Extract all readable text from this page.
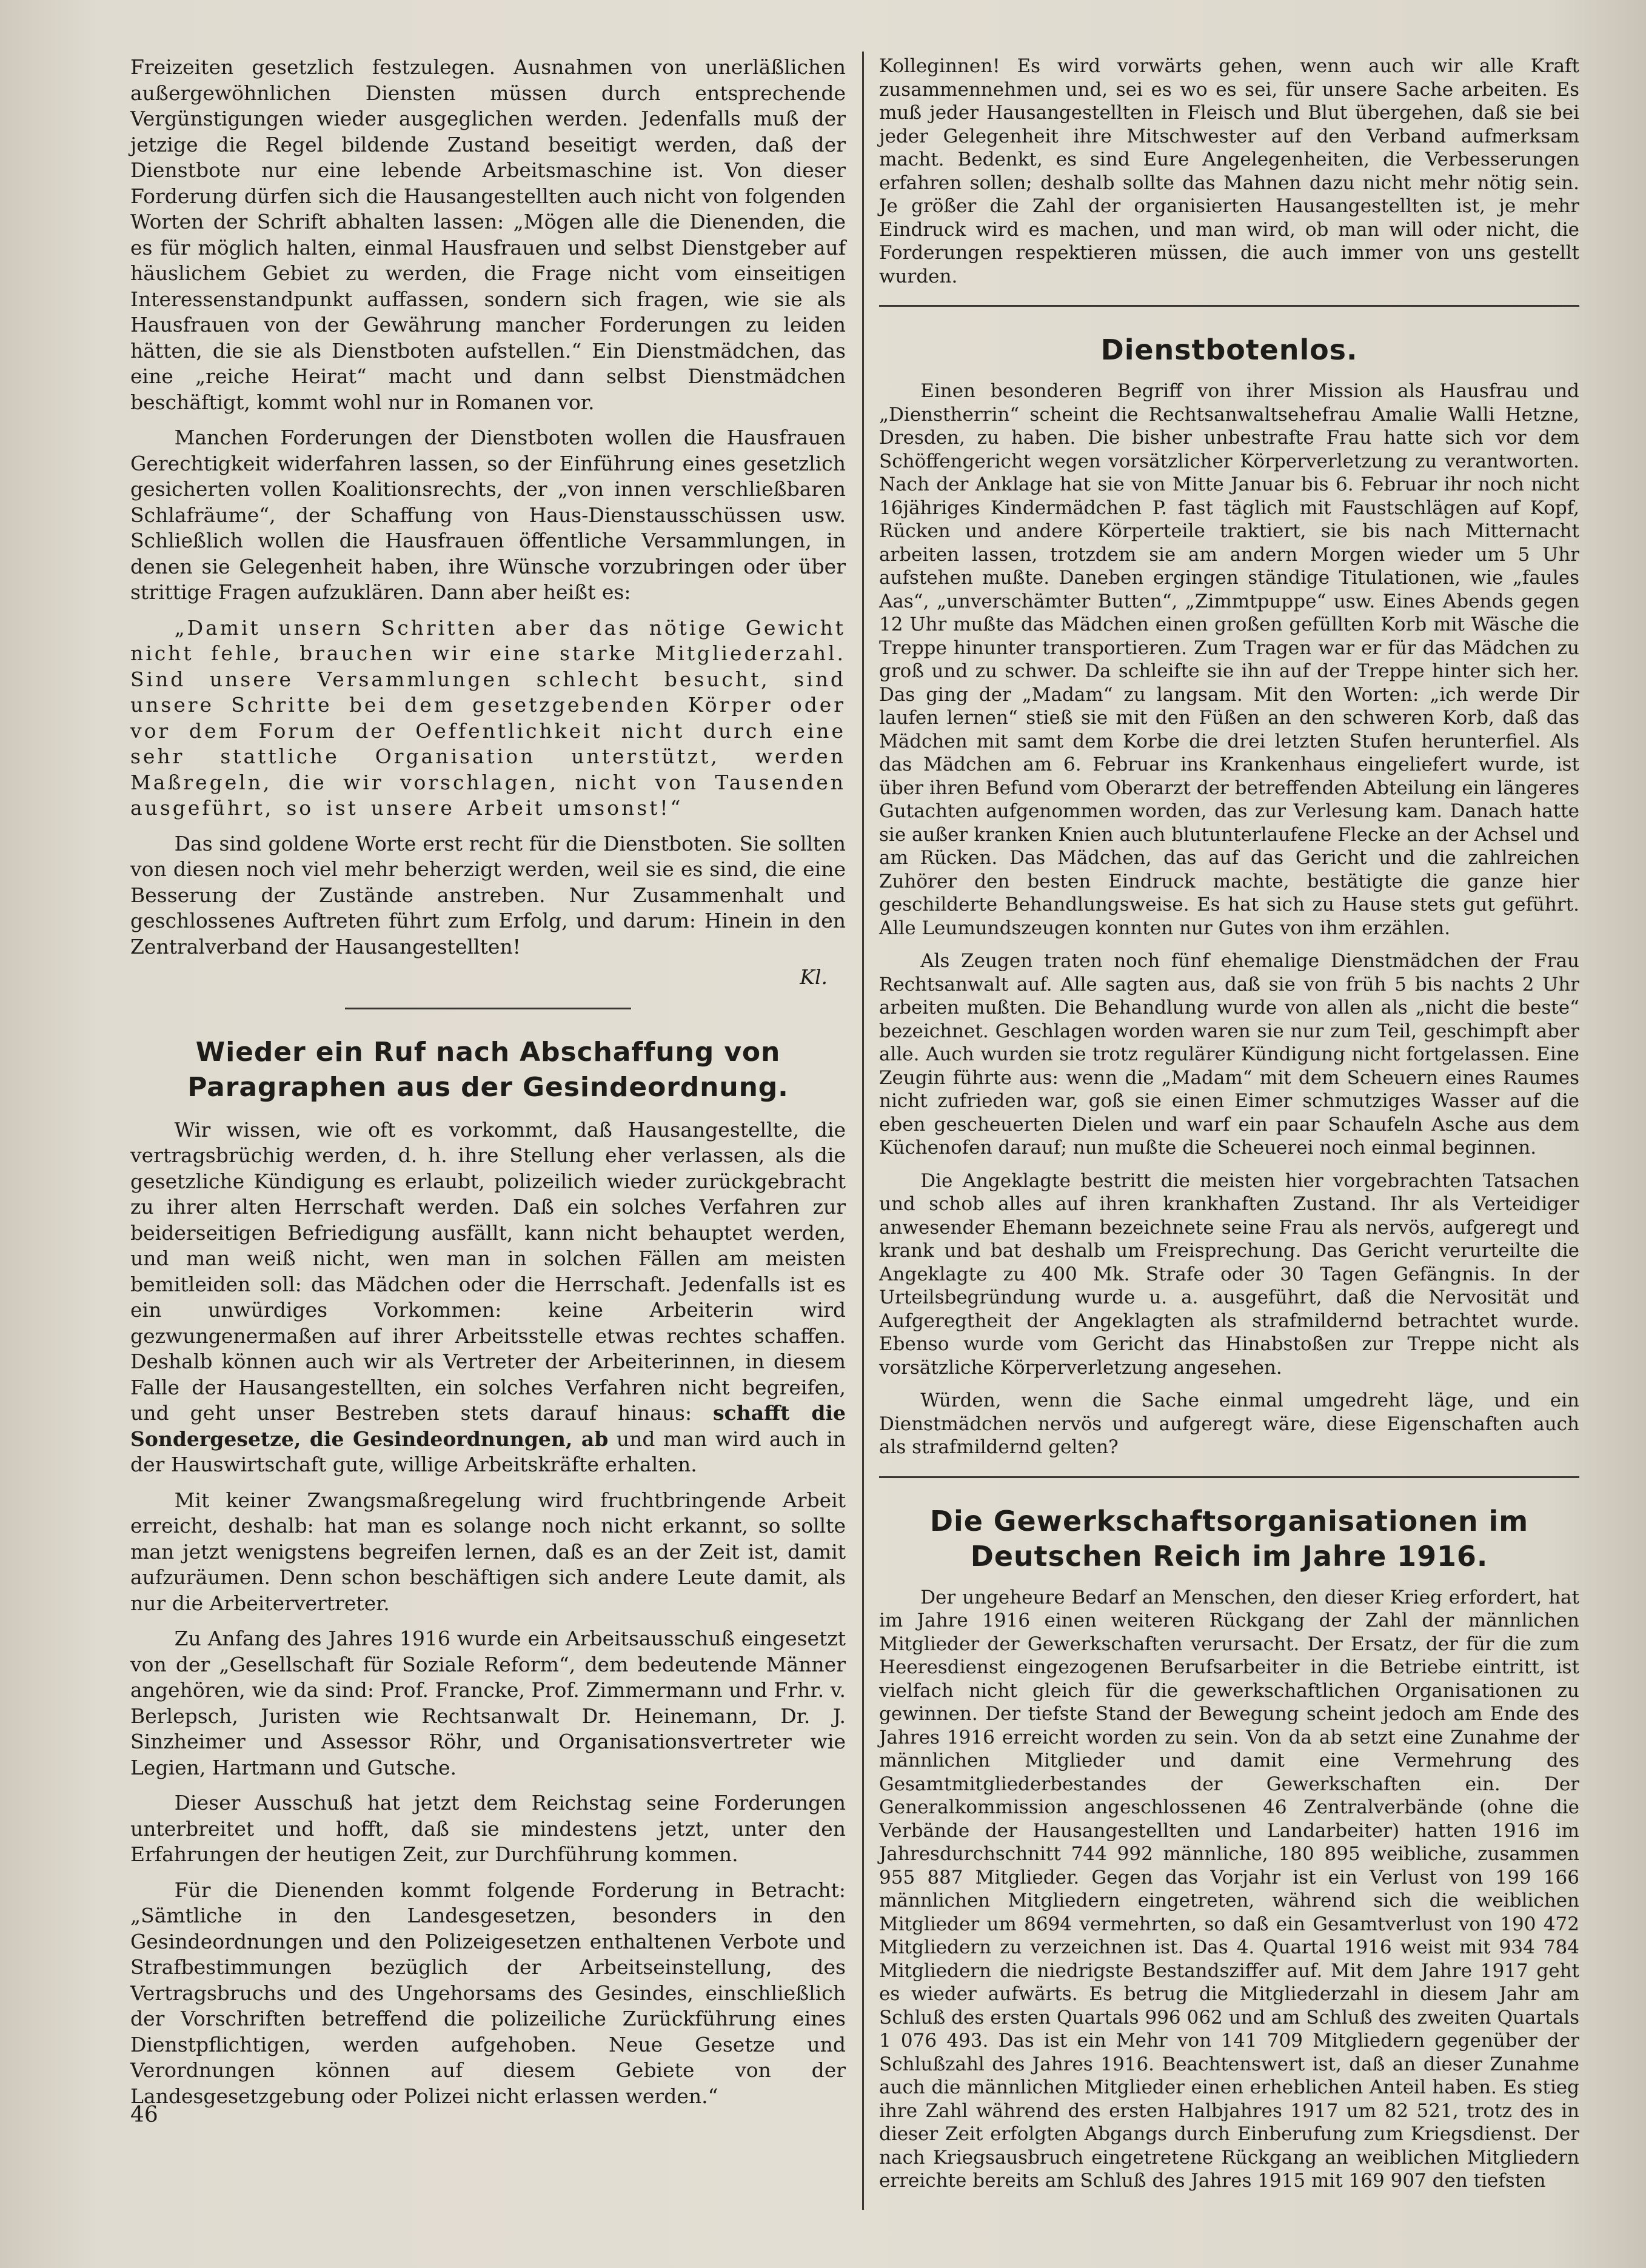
Freizeiten gesetzlich festzulegen. Ausnahmen von unerläßlichen außergewöhnlichen Diensten müssen durch entsprechende Vergünstigungen wieder ausgeglichen werden. Jedenfalls muß der jetzige die Regel bildende Zustand beseitigt werden, daß der Dienstbote nur eine lebende Arbeitsmaschine ist. Von dieser Forderung dürfen sich die Hausangestellten auch nicht von folgenden Worten der Schrift abhalten lassen: „Mögen alle die Dienenden, die es für möglich halten, einmal Hausfrauen und selbst Dienstgeber auf häuslichem Gebiet zu werden, die Frage nicht vom einseitigen Interessenstandpunkt auffassen, sondern sich fragen, wie sie als Hausfrauen von der Gewährung mancher Forderungen zu leiden hätten, die sie als Dienstboten aufstellen.“ Ein Dienstmädchen, das eine „reiche Heirat“ macht und dann selbst Dienstmädchen beschäftigt, kommt wohl nur in Romanen vor.

Manchen Forderungen der Dienstboten wollen die Hausfrauen Gerechtigkeit widerfahren lassen, so der Einführung eines gesetzlich gesicherten vollen Koalitionsrechts, der „von innen verschließbaren Schlafräume“, der Schaffung von Haus-Dienstausschüssen usw. Schließlich wollen die Hausfrauen öffentliche Versammlungen, in denen sie Gelegenheit haben, ihre Wünsche vorzubringen oder über strittige Fragen aufzuklären. Dann aber heißt es:

„Damit unsern Schritten aber das nötige Gewicht nicht fehle, brauchen wir eine starke Mitgliederzahl. Sind unsere Versammlungen schlecht besucht, sind unsere Schritte bei dem gesetzgebenden Körper oder vor dem Forum der Oeffentlichkeit nicht durch eine sehr stattliche Organisation unterstützt, werden Maßregeln, die wir vorschlagen, nicht von Tausenden ausgeführt, so ist unsere Arbeit umsonst!“

Das sind goldene Worte erst recht für die Dienstboten. Sie sollten von diesen noch viel mehr beherzigt werden, weil sie es sind, die eine Besserung der Zustände anstreben. Nur Zusammenhalt und geschlossenes Auftreten führt zum Erfolg, und darum: Hinein in den Zentralverband der Hausangestellten!

Kl.
Wieder ein Ruf nach Abschaffung von Paragraphen aus der Gesindeordnung.

Wir wissen, wie oft es vorkommt, daß Hausangestellte, die vertragsbrüchig werden, d. h. ihre Stellung eher verlassen, als die gesetzliche Kündigung es erlaubt, polizeilich wieder zurückgebracht zu ihrer alten Herrschaft werden. Daß ein solches Verfahren zur beiderseitigen Befriedigung ausfällt, kann nicht behauptet werden, und man weiß nicht, wen man in solchen Fällen am meisten bemitleiden soll: das Mädchen oder die Herrschaft. Jedenfalls ist es ein unwürdiges Vorkommen: keine Arbeiterin wird gezwungenermaßen auf ihrer Arbeitsstelle etwas rechtes schaffen. Deshalb können auch wir als Vertreter der Arbeiterinnen, in diesem Falle der Hausangestellten, ein solches Verfahren nicht begreifen, und geht unser Bestreben stets darauf hinaus: schafft die Sondergesetze, die Gesindeordnungen, ab und man wird auch in der Hauswirtschaft gute, willige Arbeitskräfte erhalten.

Mit keiner Zwangsmaßregelung wird fruchtbringende Arbeit erreicht, deshalb: hat man es solange noch nicht erkannt, so sollte man jetzt wenigstens begreifen lernen, daß es an der Zeit ist, damit aufzuräumen. Denn schon beschäftigen sich andere Leute damit, als nur die Arbeitervertreter.

Zu Anfang des Jahres 1916 wurde ein Arbeitsausschuß eingesetzt von der „Gesellschaft für Soziale Reform“, dem bedeutende Männer angehören, wie da sind: Prof. Francke, Prof. Zimmermann und Frhr. v. Berlepsch, Juristen wie Rechtsanwalt Dr. Heinemann, Dr. J. Sinzheimer und Assessor Röhr, und Organisationsvertreter wie Legien, Hartmann und Gutsche.

Dieser Ausschuß hat jetzt dem Reichstag seine Forderungen unterbreitet und hofft, daß sie mindestens jetzt, unter den Erfahrungen der heutigen Zeit, zur Durchführung kommen.

Für die Dienenden kommt folgende Forderung in Betracht: „Sämtliche in den Landesgesetzen, besonders in den Gesindeordnungen und den Polizeigesetzen enthaltenen Verbote und Strafbestimmungen bezüglich der Arbeitseinstellung, des Vertragsbruchs und des Ungehorsams des Gesindes, einschließlich der Vorschriften betreffend die polizeiliche Zurückführung eines Dienstpflichtigen, werden aufgehoben. Neue Gesetze und Verordnungen können auf diesem Gebiete von der Landesgesetzgebung oder Polizei nicht erlassen werden.“

Kolleginnen! Es wird vorwärts gehen, wenn auch wir alle Kraft zusammennehmen und, sei es wo es sei, für unsere Sache arbeiten. Es muß jeder Hausangestellten in Fleisch und Blut übergehen, daß sie bei jeder Gelegenheit ihre Mitschwester auf den Verband aufmerksam macht. Bedenkt, es sind Eure Angelegenheiten, die Verbesserungen erfahren sollen; deshalb sollte das Mahnen dazu nicht mehr nötig sein. Je größer die Zahl der organisierten Hausangestellten ist, je mehr Eindruck wird es machen, und man wird, ob man will oder nicht, die Forderungen respektieren müssen, die auch immer von uns gestellt wurden.

Dienstbotenlos.

Einen besonderen Begriff von ihrer Mission als Hausfrau und „Dienstherrin“ scheint die Rechtsanwaltsehefrau Amalie Walli Hetzne, Dresden, zu haben. Die bisher unbestrafte Frau hatte sich vor dem Schöffengericht wegen vorsätzlicher Körperverletzung zu verantworten. Nach der Anklage hat sie von Mitte Januar bis 6. Februar ihr noch nicht 16jähriges Kindermädchen P. fast täglich mit Faustschlägen auf Kopf, Rücken und andere Körperteile traktiert, sie bis nach Mitternacht arbeiten lassen, trotzdem sie am andern Morgen wieder um 5 Uhr aufstehen mußte. Daneben ergingen ständige Titulationen, wie „faules Aas“, „unverschämter Butten“, „Zimmtpuppe“ usw. Eines Abends gegen 12 Uhr mußte das Mädchen einen großen gefüllten Korb mit Wäsche die Treppe hinunter transportieren. Zum Tragen war er für das Mädchen zu groß und zu schwer. Da schleifte sie ihn auf der Treppe hinter sich her. Das ging der „Madam“ zu langsam. Mit den Worten: „ich werde Dir laufen lernen“ stieß sie mit den Füßen an den schweren Korb, daß das Mädchen mit samt dem Korbe die drei letzten Stufen herunterfiel. Als das Mädchen am 6. Februar ins Krankenhaus eingeliefert wurde, ist über ihren Befund vom Oberarzt der betreffenden Abteilung ein längeres Gutachten aufgenommen worden, das zur Verlesung kam. Danach hatte sie außer kranken Knien auch blutunterlaufene Flecke an der Achsel und am Rücken. Das Mädchen, das auf das Gericht und die zahlreichen Zuhörer den besten Eindruck machte, bestätigte die ganze hier geschilderte Behandlungsweise. Es hat sich zu Hause stets gut geführt. Alle Leumundszeugen konnten nur Gutes von ihm erzählen.

Als Zeugen traten noch fünf ehemalige Dienstmädchen der Frau Rechtsanwalt auf. Alle sagten aus, daß sie von früh 5 bis nachts 2 Uhr arbeiten mußten. Die Behandlung wurde von allen als „nicht die beste“ bezeichnet. Geschlagen worden waren sie nur zum Teil, geschimpft aber alle. Auch wurden sie trotz regulärer Kündigung nicht fortgelassen. Eine Zeugin führte aus: wenn die „Madam“ mit dem Scheuern eines Raumes nicht zufrieden war, goß sie einen Eimer schmutziges Wasser auf die eben gescheuerten Dielen und warf ein paar Schaufeln Asche aus dem Küchenofen darauf; nun mußte die Scheuerei noch einmal beginnen.

Die Angeklagte bestritt die meisten hier vorgebrachten Tatsachen und schob alles auf ihren krankhaften Zustand. Ihr als Verteidiger anwesender Ehemann bezeichnete seine Frau als nervös, aufgeregt und krank und bat deshalb um Freisprechung. Das Gericht verurteilte die Angeklagte zu 400 Mk. Strafe oder 30 Tagen Gefängnis. In der Urteilsbegründung wurde u. a. ausgeführt, daß die Nervosität und Aufgeregtheit der Angeklagten als strafmildernd betrachtet wurde. Ebenso wurde vom Gericht das Hinabstoßen zur Treppe nicht als vorsätzliche Körperverletzung angesehen.

Würden, wenn die Sache einmal umgedreht läge, und ein Dienstmädchen nervös und aufgeregt wäre, diese Eigenschaften auch als strafmildernd gelten?

Die Gewerkschaftsorganisationen im Deutschen Reich im Jahre 1916.

Der ungeheure Bedarf an Menschen, den dieser Krieg erfordert, hat im Jahre 1916 einen weiteren Rückgang der Zahl der männlichen Mitglieder der Gewerkschaften verursacht. Der Ersatz, der für die zum Heeresdienst eingezogenen Berufsarbeiter in die Betriebe eintritt, ist vielfach nicht gleich für die gewerkschaftlichen Organisationen zu gewinnen. Der tiefste Stand der Bewegung scheint jedoch am Ende des Jahres 1916 erreicht worden zu sein. Von da ab setzt eine Zunahme der männlichen Mitglieder und damit eine Vermehrung des Gesamtmitgliederbestandes der Gewerkschaften ein. Der Generalkommission angeschlossenen 46 Zentralverbände (ohne die Verbände der Hausangestellten und Landarbeiter) hatten 1916 im Jahresdurchschnitt 744 992 männliche, 180 895 weibliche, zusammen 955 887 Mitglieder. Gegen das Vorjahr ist ein Verlust von 199 166 männlichen Mitgliedern eingetreten, während sich die weiblichen Mitglieder um 8694 vermehrten, so daß ein Gesamtverlust von 190 472 Mitgliedern zu verzeichnen ist. Das 4. Quartal 1916 weist mit 934 784 Mitgliedern die niedrigste Bestandsziffer auf. Mit dem Jahre 1917 geht es wieder aufwärts. Es betrug die Mitgliederzahl in diesem Jahr am Schluß des ersten Quartals 996 062 und am Schluß des zweiten Quartals 1 076 493. Das ist ein Mehr von 141 709 Mitgliedern gegenüber der Schlußzahl des Jahres 1916. Beachtenswert ist, daß an dieser Zunahme auch die männlichen Mitglieder einen erheblichen Anteil haben. Es stieg ihre Zahl während des ersten Halbjahres 1917 um 82 521, trotz des in dieser Zeit erfolgten Abgangs durch Einberufung zum Kriegsdienst. Der nach Kriegsausbruch eingetretene Rückgang an weiblichen Mitgliedern erreichte bereits am Schluß des Jahres 1915 mit 169 907 den tiefsten

46
